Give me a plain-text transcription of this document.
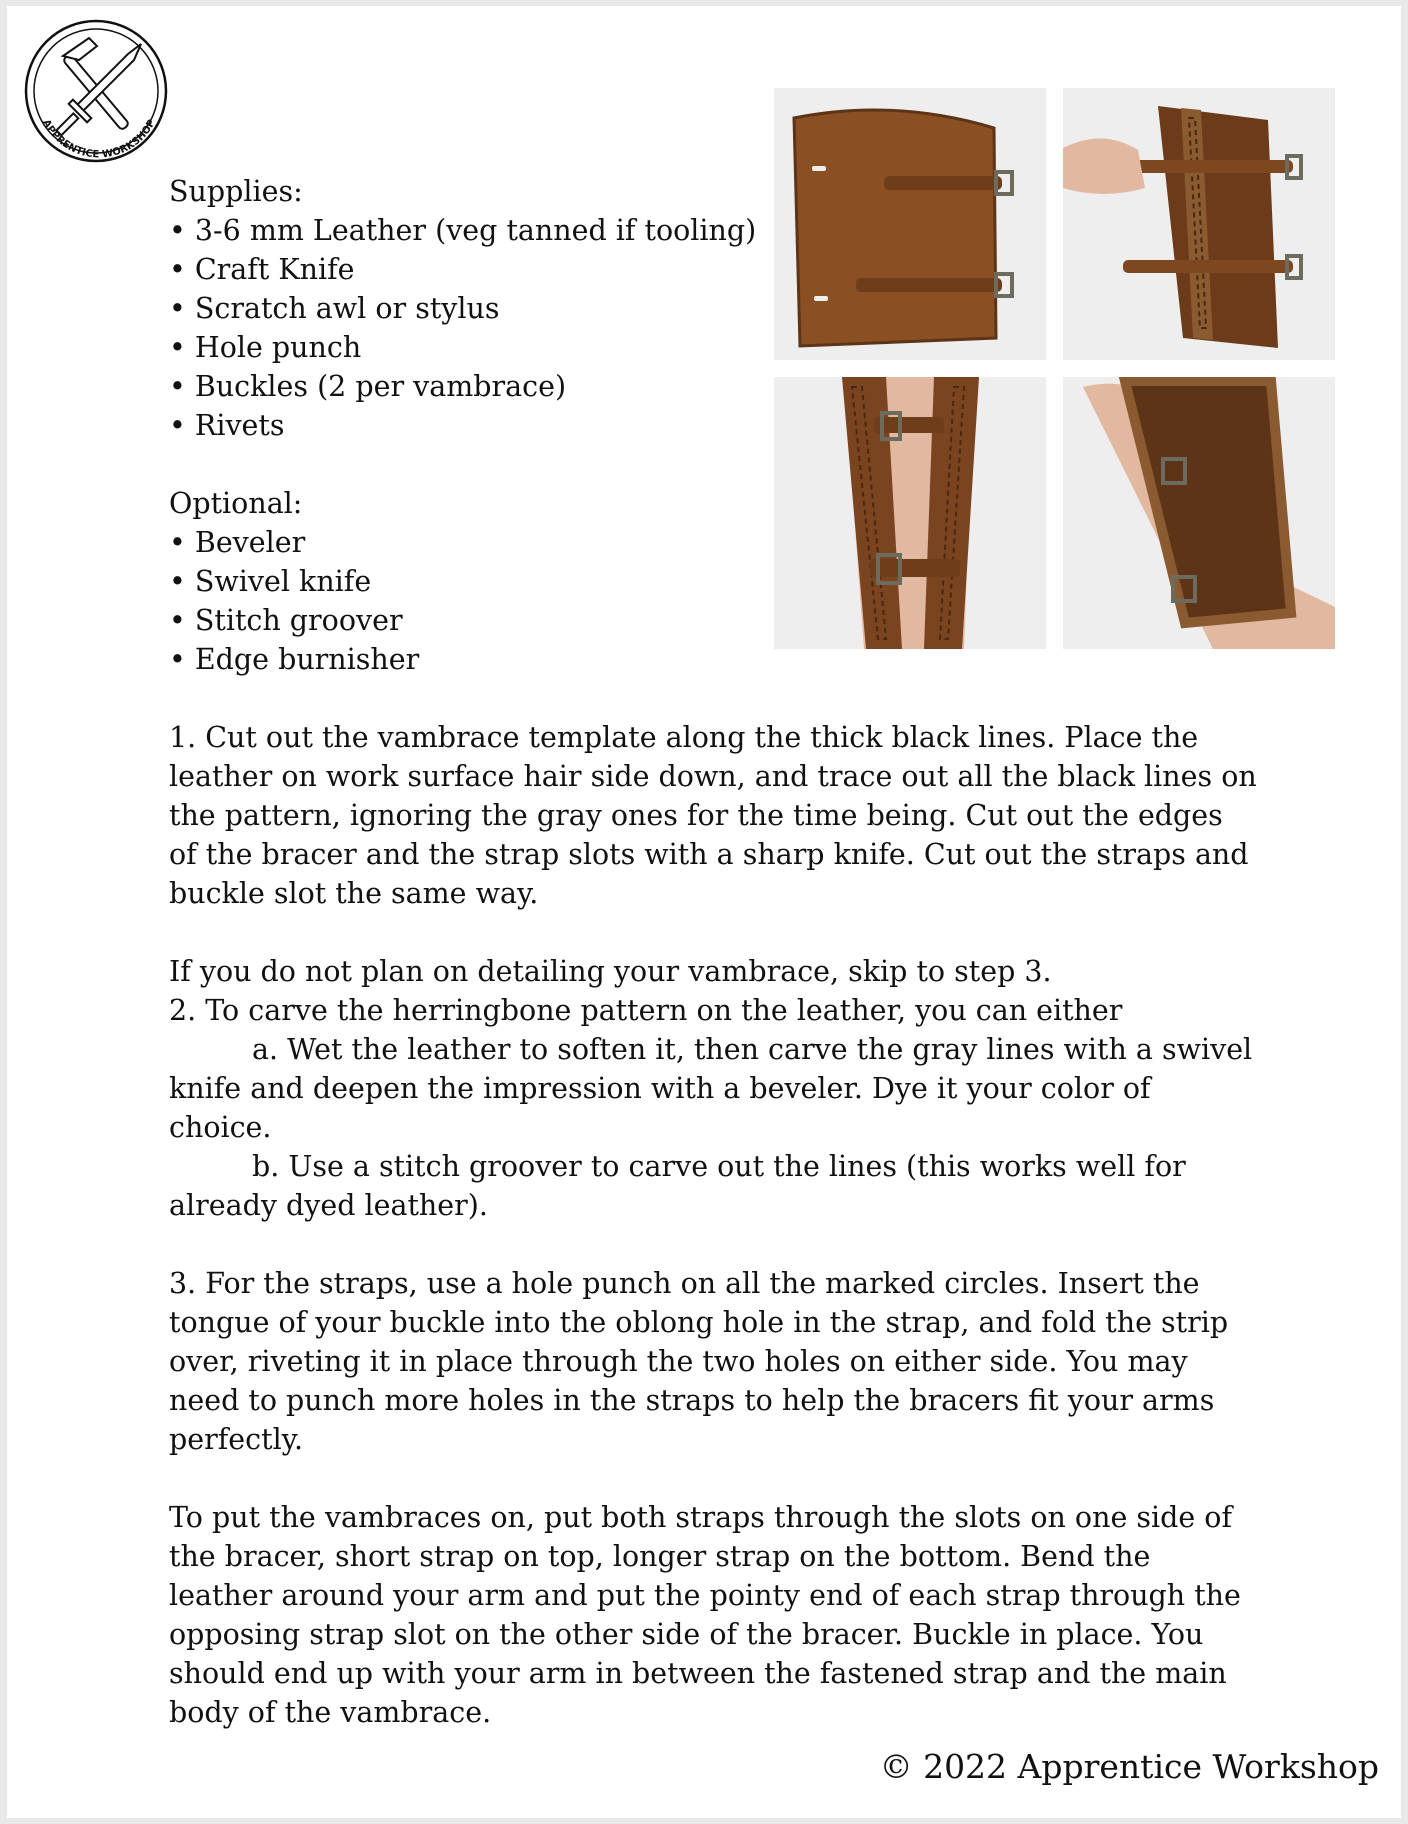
APPRENTICE WORKSHOP

Supplies:

• 3-6 mm Leather (veg tanned if tooling)

• Craft Knife

• Scratch awl or stylus

• Hole punch

• Buckles (2 per vambrace)

• Rivets

Optional:

• Beveler

• Swivel knife

• Stitch groover

• Edge burnisher

1. Cut out the vambrace template along the thick black lines. Place the leather on work surface hair side down, and trace out all the black lines on the pattern, ignoring the gray ones for the time being. Cut out the edges of the bracer and the strap slots with a sharp knife. Cut out the straps and buckle slot the same way.

If you do not plan on detailing your vambrace, skip to step 3.

2. To carve the herringbone pattern on the leather, you can either

a. Wet the leather to soften it, then carve the gray lines with a swivel

knife and deepen the impression with a beveler. Dye it your color of choice.

b. Use a stitch groover to carve out the lines (this works well for

already dyed leather).

3. For the straps, use a hole punch on all the marked circles. Insert the tongue of your buckle into the oblong hole in the strap, and fold the strip over, riveting it in place through the two holes on either side. You may need to punch more holes in the straps to help the bracers fit your arms perfectly.

To put the vambraces on, put both straps through the slots on one side of the bracer, short strap on top, longer strap on the bottom. Bend the leather around your arm and put the pointy end of each strap through the opposing strap slot on the other side of the bracer. Buckle in place. You should end up with your arm in between the fastened strap and the main body of the vambrace.

© 2022 Apprentice Workshop
